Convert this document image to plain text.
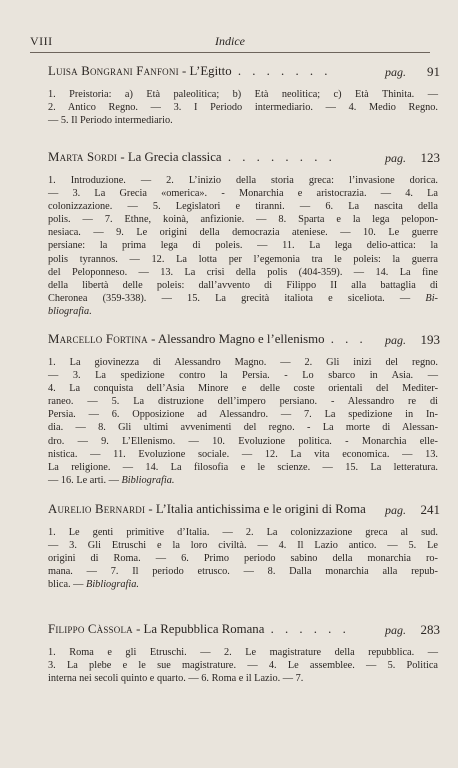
VIII	Indice
Luisa Bongrani Fanfoni - L’Egitto . . . . . . .	pag. 91
1. Preistoria: a) Età paleolitica; b) Età neolitica; c) Età Thinita. —
2. Antico Regno. — 3. I Periodo intermediario. — 4. Medio Regno.
— 5. Il Periodo intermediario.
Marta Sordi - La Grecia classica . . . . . . . .	pag. 123
1. Introduzione. — 2. L’inizio della storia greca: l’invasione dorica.
— 3. La Grecia «omerica». - Monarchia e aristocrazia. — 4. La
colonizzazione. — 5. Legislatori e tiranni. — 6. La nascita della
polis. — 7. Ethne, koinà, anfizionie. — 8. Sparta e la lega pelopon-
nesiaca. — 9. Le origini della democrazia ateniese. — 10. Le guerre
persiane: la prima lega di poleis. — 11. La lega delio-attica: la
polis tyrannos. — 12. La lotta per l’egemonia tra le poleis: la guerra
del Peloponneso. — 13. La crisi della polis (404-359). — 14. La fine
della libertà delle poleis: dall’avvento di Filippo II alla battaglia di
Cheronea (359-338). — 15. La grecità italiota e siceliota. — Bi-
bliografia.
Marcello Fortina - Alessandro Magno e l’ellenismo . . . pag. 193
1. La giovinezza di Alessandro Magno. — 2. Gli inizi del regno.
— 3. La spedizione contro la Persia. - Lo sbarco in Asia. —
4. La conquista dell’Asia Minore e delle coste orientali del Mediter-
raneo. — 5. La distruzione dell’impero persiano. - Alessandro re di
Persia. — 6. Opposizione ad Alessandro. — 7. La spedizione in In-
dia. — 8. Gli ultimi avvenimenti del regno. - La morte di Alessan-
dro. — 9. L’Ellenismo. — 10. Evoluzione politica. - Monarchia elle-
nistica. — 11. Evoluzione sociale. — 12. La vita economica. — 13.
La religione. — 14. La filosofia e le scienze. — 15. La letteratura.
— 16. Le arti. — Bibliografia.
Aurelio Bernardi - L’Italia antichissima e le origini di Roma	pag. 241
1. Le genti primitive d’Italia. — 2. La colonizzazione greca al sud.
— 3. Gli Etruschi e la loro civiltà. — 4. Il Lazio antico. — 5. Le
origini di Roma. — 6. Primo periodo sabino della monarchia ro-
mana. — 7. Il periodo etrusco. — 8. Dalla monarchia alla repub-
blica. — Bibliografia.
Filippo Càssola - La Repubblica Romana . . . . . .	pag. 283
1. Roma e gli Etruschi. — 2. Le magistrature della repubblica. —
3. La plebe e le sue magistrature. — 4. Le assemblee. — 5. Politica
interna nei secoli quinto e quarto. — 6. Roma e il Lazio. — 7.
